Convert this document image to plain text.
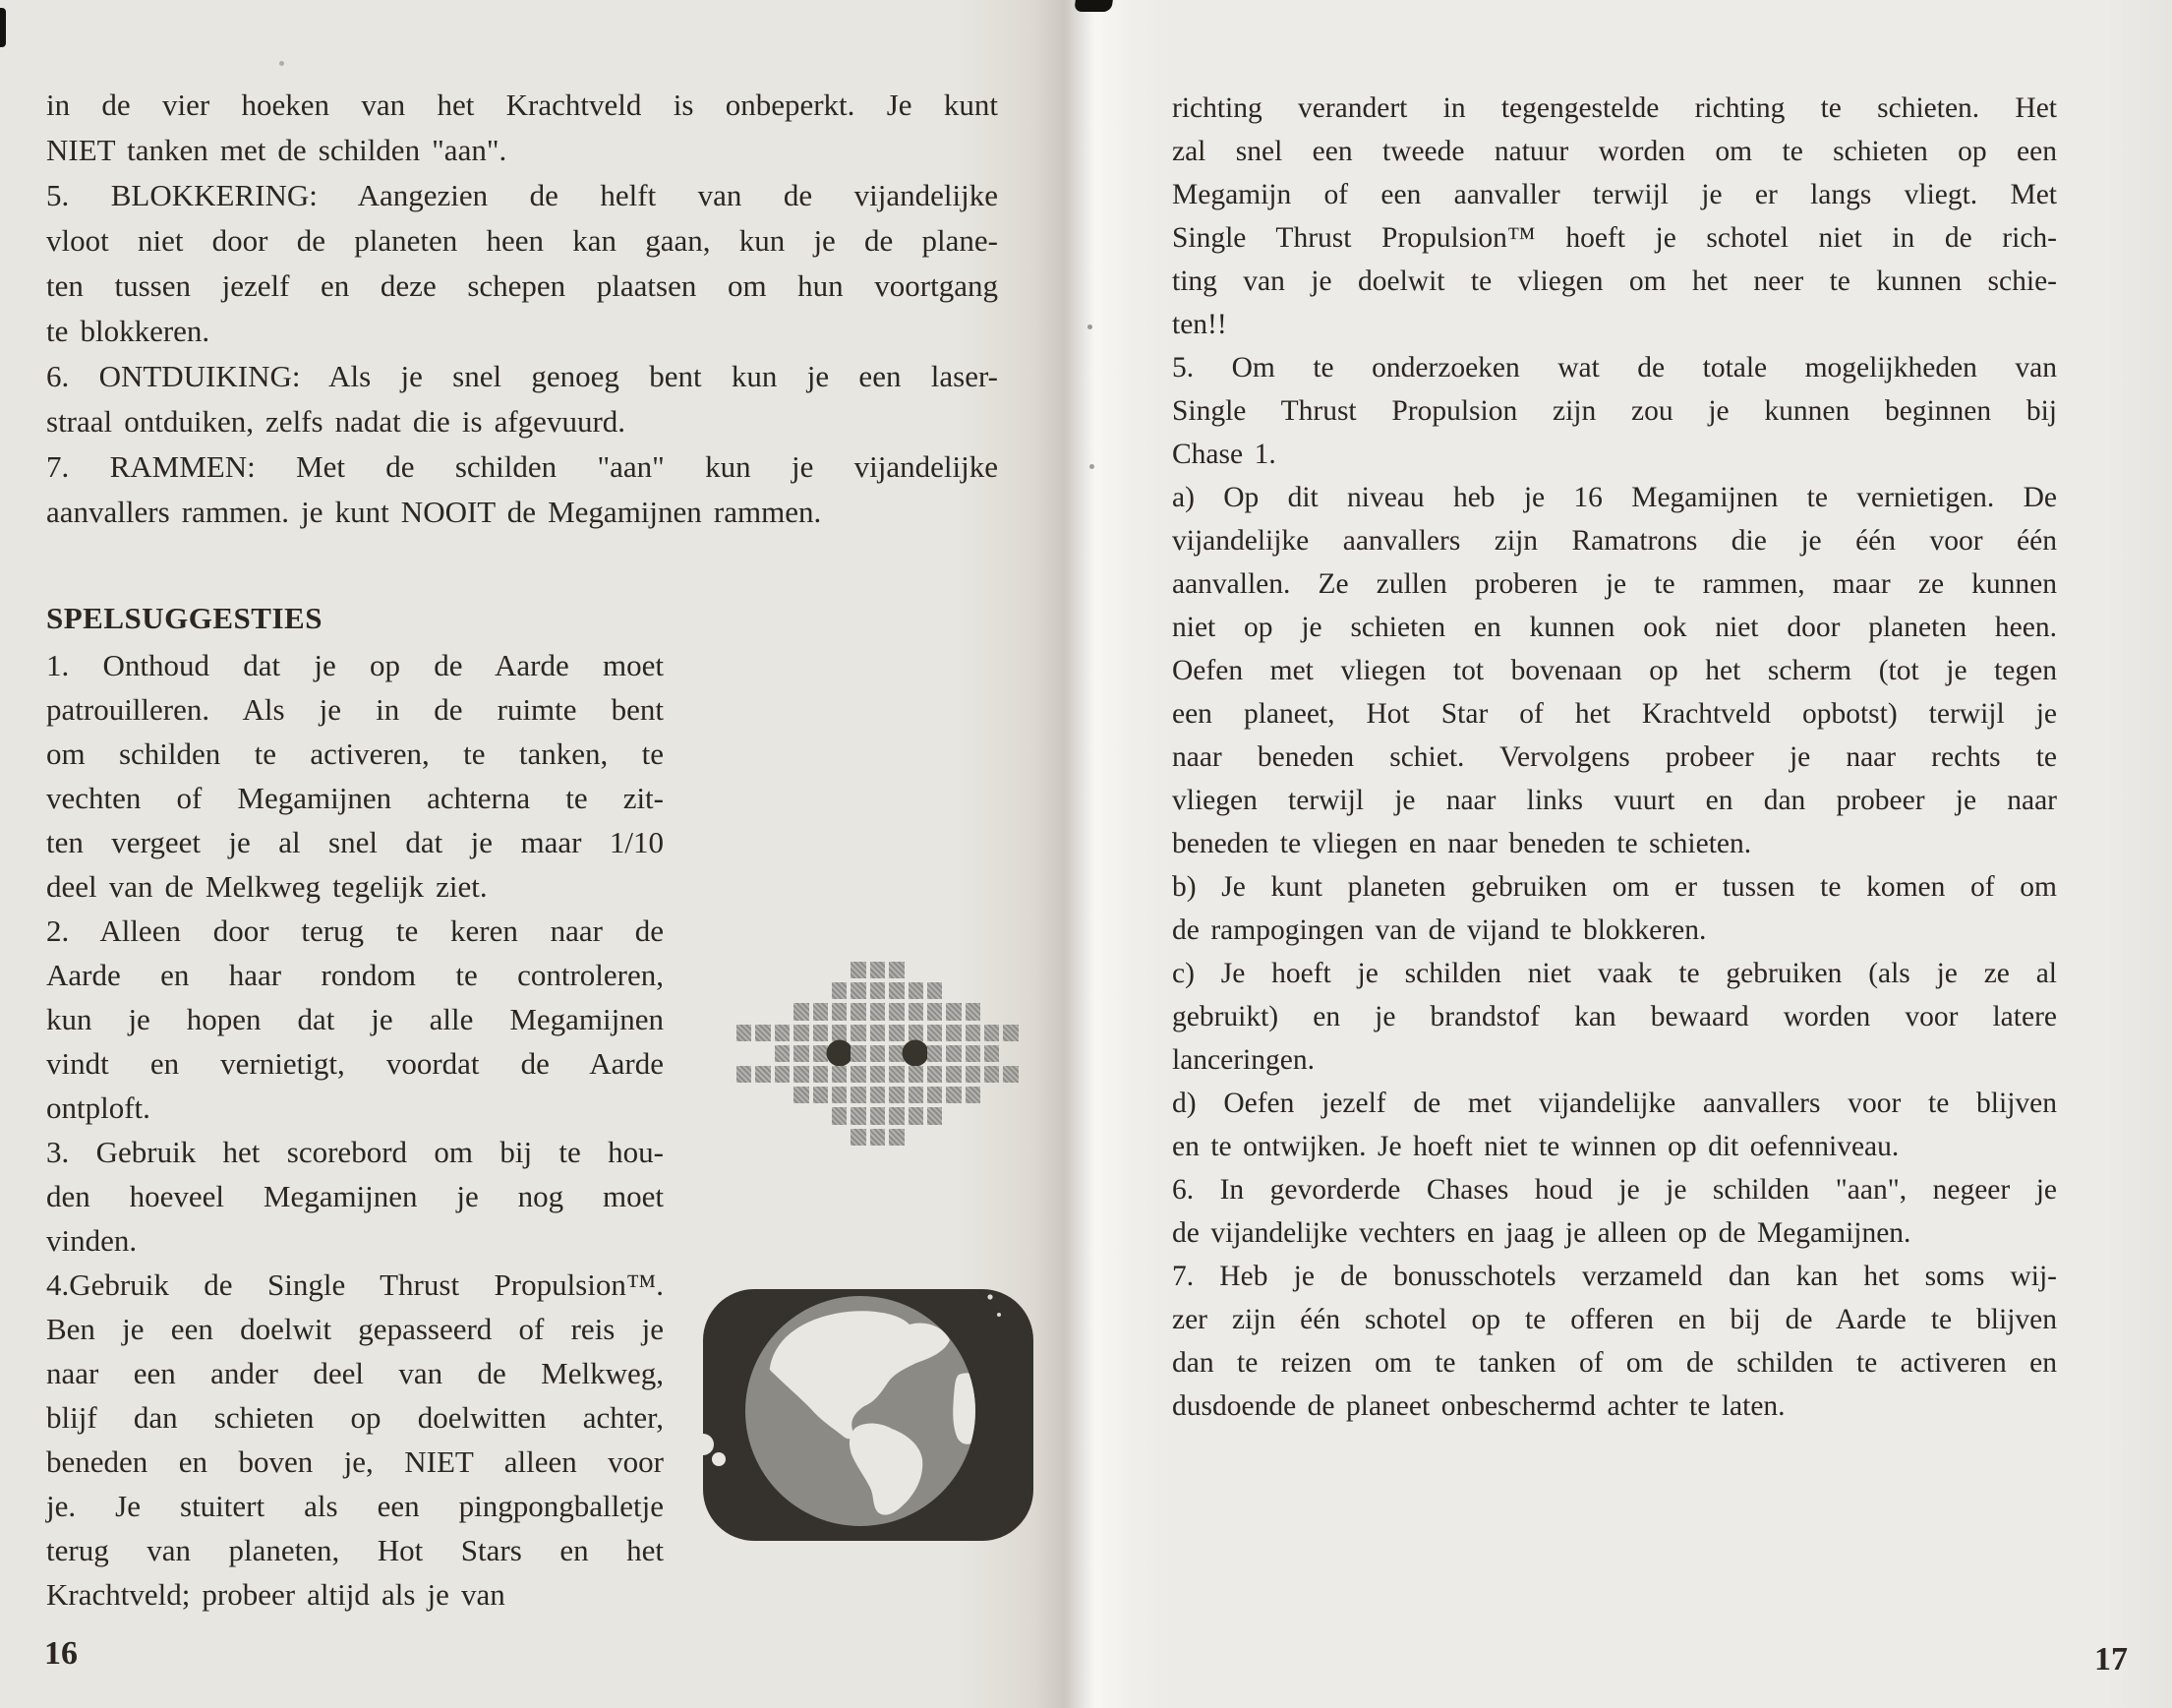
in de vier hoeken van het Krachtveld is onbeperkt. Je kunt

NIET tanken met de schilden "aan".

5. BLOKKERING: Aangezien de helft van de vijandelijke

vloot niet door de planeten heen kan gaan, kun je de plane-

ten tussen jezelf en deze schepen plaatsen om hun voortgang

te blokkeren.

6. ONTDUIKING: Als je snel genoeg bent kun je een laser-

straal ontduiken, zelfs nadat die is afgevuurd.

7. RAMMEN: Met de schilden "aan" kun je vijandelijke

aanvallers rammen. je kunt NOOIT de Megamijnen rammen.

SPELSUGGESTIES

1. Onthoud dat je op de Aarde moet

patrouilleren. Als je in de ruimte bent

om schilden te activeren, te tanken, te

vechten of Megamijnen achterna te zit-

ten vergeet je al snel dat je maar 1/10

deel van de Melkweg tegelijk ziet.

2. Alleen door terug te keren naar de

Aarde en haar rondom te controleren,

kun je hopen dat je alle Megamijnen

vindt en vernietigt, voordat de Aarde

ontploft.

3. Gebruik het scorebord om bij te hou-

den hoeveel Megamijnen je nog moet

vinden.

4.Gebruik de Single Thrust Propulsion™.

Ben je een doelwit gepasseerd of reis je

naar een ander deel van de Melkweg,

blijf dan schieten op doelwitten achter,

beneden en boven je, NIET alleen voor

je. Je stuitert als een pingpongballetje

terug van planeten, Hot Stars en het

Krachtveld; probeer altijd als je van

16

richting verandert in tegengestelde richting te schieten. Het

zal snel een tweede natuur worden om te schieten op een

Megamijn of een aanvaller terwijl je er langs vliegt. Met

Single Thrust Propulsion™ hoeft je schotel niet in de rich-

ting van je doelwit te vliegen om het neer te kunnen schie-

ten!!

5. Om te onderzoeken wat de totale mogelijkheden van

Single Thrust Propulsion zijn zou je kunnen beginnen bij

Chase 1.

a) Op dit niveau heb je 16 Megamijnen te vernietigen. De

vijandelijke aanvallers zijn Ramatrons die je één voor één

aanvallen. Ze zullen proberen je te rammen, maar ze kunnen

niet op je schieten en kunnen ook niet door planeten heen.

Oefen met vliegen tot bovenaan op het scherm (tot je tegen

een planeet, Hot Star of het Krachtveld opbotst) terwijl je

naar beneden schiet. Vervolgens probeer je naar rechts te

vliegen terwijl je naar links vuurt en dan probeer je naar

beneden te vliegen en naar beneden te schieten.

b) Je kunt planeten gebruiken om er tussen te komen of om

de rampogingen van de vijand te blokkeren.

c) Je hoeft je schilden niet vaak te gebruiken (als je ze al

gebruikt) en je brandstof kan bewaard worden voor latere

lanceringen.

d) Oefen jezelf de met vijandelijke aanvallers voor te blijven

en te ontwijken. Je hoeft niet te winnen op dit oefenniveau.

6. In gevorderde Chases houd je je schilden "aan", negeer je

de vijandelijke vechters en jaag je alleen op de Megamijnen.

7. Heb je de bonusschotels verzameld dan kan het soms wij-

zer zijn één schotel op te offeren en bij de Aarde te blijven

dan te reizen om te tanken of om de schilden te activeren en

dusdoende de planeet onbeschermd achter te laten.

17
